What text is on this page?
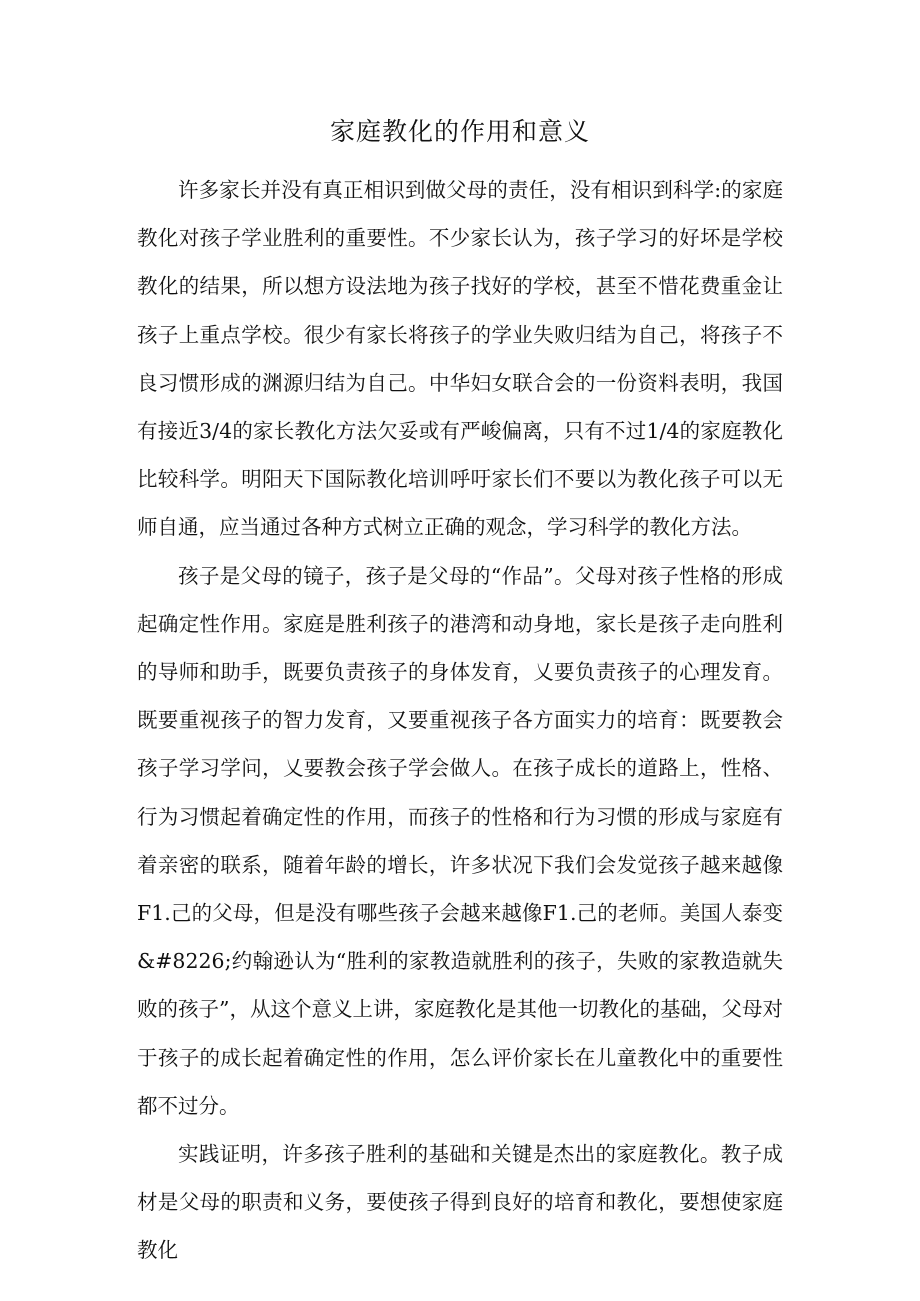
家庭教化的作用和意义

许多家长并没有真正相识到做父母的责任，没有相识到科学:的家庭教化对孩子学业胜利的重要性。不少家长认为，孩子学习的好坏是学校教化的结果，所以想方设法地为孩子找好的学校，甚至不惜花费重金让孩子上重点学校。很少有家长将孩子的学业失败归结为自己，将孩子不良习惯形成的渊源归结为自己。中华妇女联合会的一份资料表明，我国有接近3/4的家长教化方法欠妥或有严峻偏离，只有不过1/4的家庭教化比较科学。明阳天下国际教化培训呼吁家长们不要以为教化孩子可以无师自通，应当通过各种方式树立正确的观念，学习科学的教化方法。

孩子是父母的镜子，孩子是父母的“作品”。父母对孩子性格的形成起确定性作用。家庭是胜利孩子的港湾和动身地，家长是孩子走向胜利的导师和助手，既要负责孩子的身体发育，乂要负责孩子的心理发育。既要重视孩子的智力发育，又要重视孩子各方面实力的培育：既要教会孩子学习学问，乂要教会孩子学会做人。在孩子成长的道路上，性格、行为习惯起着确定性的作用，而孩子的性格和行为习惯的形成与家庭有着亲密的联系，随着年龄的增长，许多状况下我们会发觉孩子越来越像F1.己的父母，但是没有哪些孩子会越来越像F1.己的老师。美国人泰变&#8226;约翰逊认为“胜利的家教造就胜利的孩子，失败的家教造就失败的孩子”，从这个意义上讲，家庭教化是其他一切教化的基础，父母对于孩子的成长起着确定性的作用，怎么评价家长在儿童教化中的重要性都不过分。

实践证明，许多孩子胜利的基础和关键是杰出的家庭教化。教子成材是父母的职责和义务，要使孩子得到良好的培育和教化，要想使家庭教化
